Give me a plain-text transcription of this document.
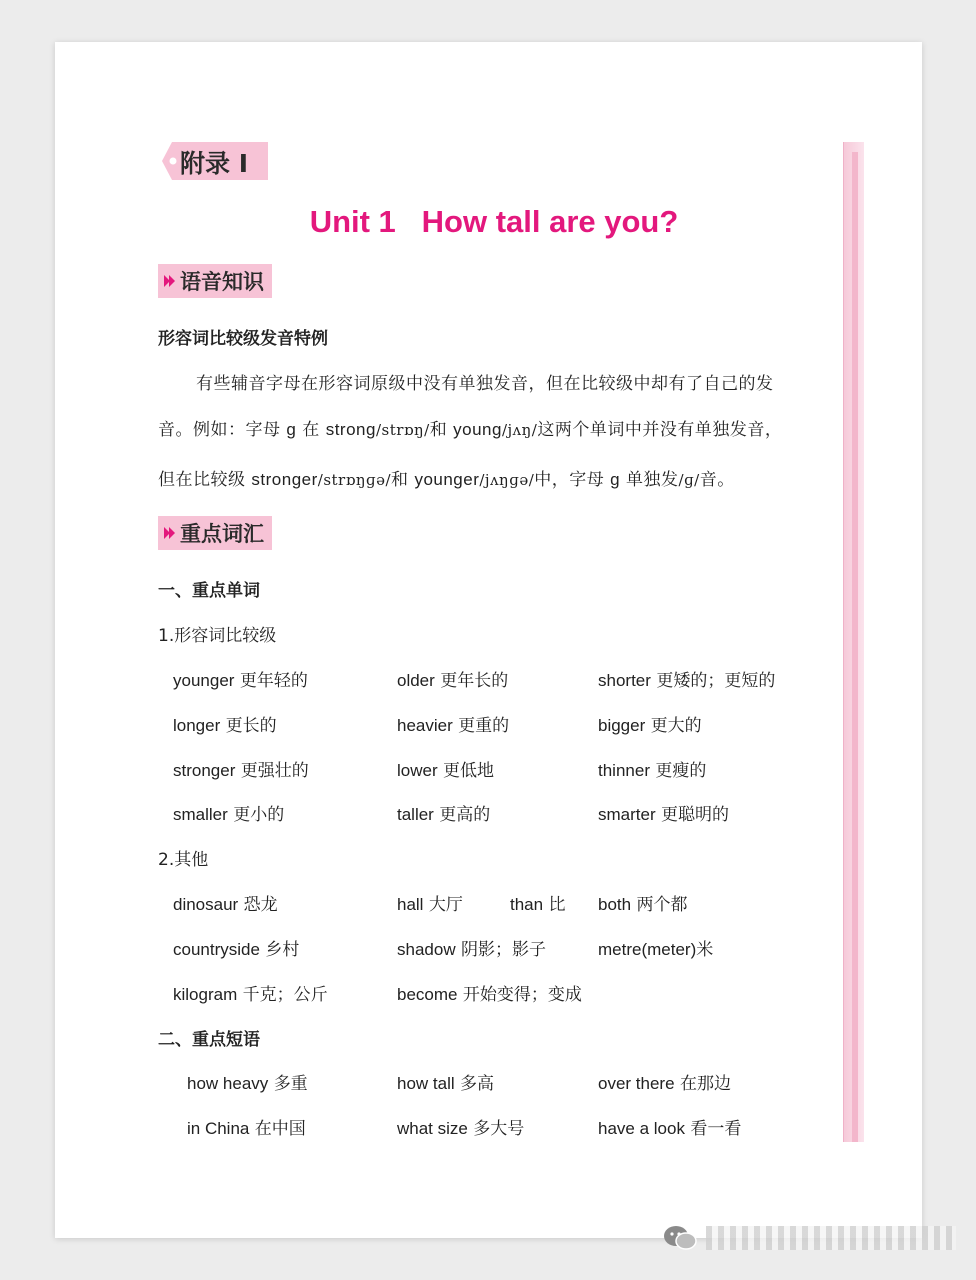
附录 I
Unit 1   How tall are you?
语音知识
形容词比较级发音特例
有些辅音字母在形容词原级中没有单独发音，但在比较级中却有了自己的发
音。例如：字母 g 在 strong/strɒŋ/和 young/jʌŋ/这两个单词中并没有单独发音，
但在比较级 stronger/strɒŋɡə/和 younger/jʌŋɡə/中，字母 g 单独发/ɡ/音。
重点词汇
一、重点单词
1.形容词比较级
younger 更年轻的	older 更年长的	shorter 更矮的；更短的
longer 更长的	heavier 更重的	bigger 更大的
stronger 更强壮的	lower 更低地	thinner 更瘦的
smaller 更小的	taller 更高的	smarter 更聪明的
2.其他
dinosaur 恐龙	hall 大厅	than 比 both 两个都
countryside 乡村	shadow 阴影；影子	metre(meter)米
kilogram 千克；公斤	become 开始变得；变成
二、重点短语
how heavy 多重	how tall 多高	over there 在那边
in China 在中国	what size 多大号	have a look 看一看
